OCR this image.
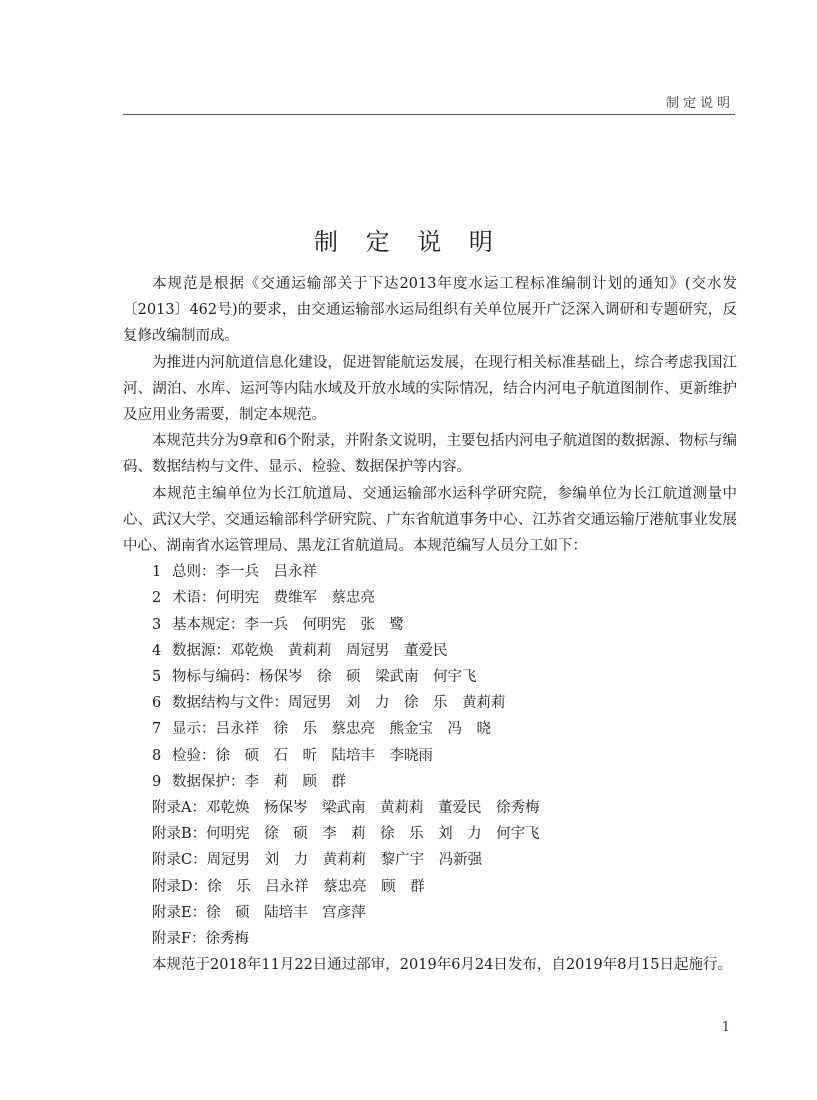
制定说明
制 定 说 明

本规范是根据《交通运输部关于下达2013年度水运工程标准编制计划的通知》(交水发〔2013〕462号)的要求，由交通运输部水运局组织有关单位展开广泛深入调研和专题研究，反复修改编制而成。

为推进内河航道信息化建设，促进智能航运发展，在现行相关标准基础上，综合考虑我国江河、湖泊、水库、运河等内陆水域及开放水域的实际情况，结合内河电子航道图制作、更新维护及应用业务需要，制定本规范。

本规范共分为9章和6个附录，并附条文说明，主要包括内河电子航道图的数据源、物标与编码、数据结构与文件、显示、检验、数据保护等内容。

本规范主编单位为长江航道局、交通运输部水运科学研究院，参编单位为长江航道测量中心、武汉大学、交通运输部科学研究院、广东省航道事务中心、江苏省交通运输厅港航事业发展中心、湖南省水运管理局、黑龙江省航道局。本规范编写人员分工如下：

1 总则：李一兵　吕永祥
2 术语：何明宪　费维军　蔡忠亮
3 基本规定：李一兵　何明宪　张　鹭
4 数据源：邓乾焕　黄莉莉　周冠男　董爱民
5 物标与编码：杨保岑　徐　硕　梁武南　何宇飞
6 数据结构与文件：周冠男　刘　力　徐　乐　黄莉莉
7 显示：吕永祥　徐　乐　蔡忠亮　熊金宝　冯　晓
8 检验：徐　硕　石　昕　陆培丰　李晓雨
9 数据保护：李　莉　顾　群
附录A：邓乾焕　杨保岑　梁武南　黄莉莉　董爱民　徐秀梅
附录B：何明宪　徐　硕　李　莉　徐　乐　刘　力　何宇飞
附录C：周冠男　刘　力　黄莉莉　黎广宇　冯新强
附录D：徐　乐　吕永祥　蔡忠亮　顾　群
附录E：徐　硕　陆培丰　宫彦萍
附录F：徐秀梅

本规范于2018年11月22日通过部审，2019年6月24日发布，自2019年8月15日起施行。

1
